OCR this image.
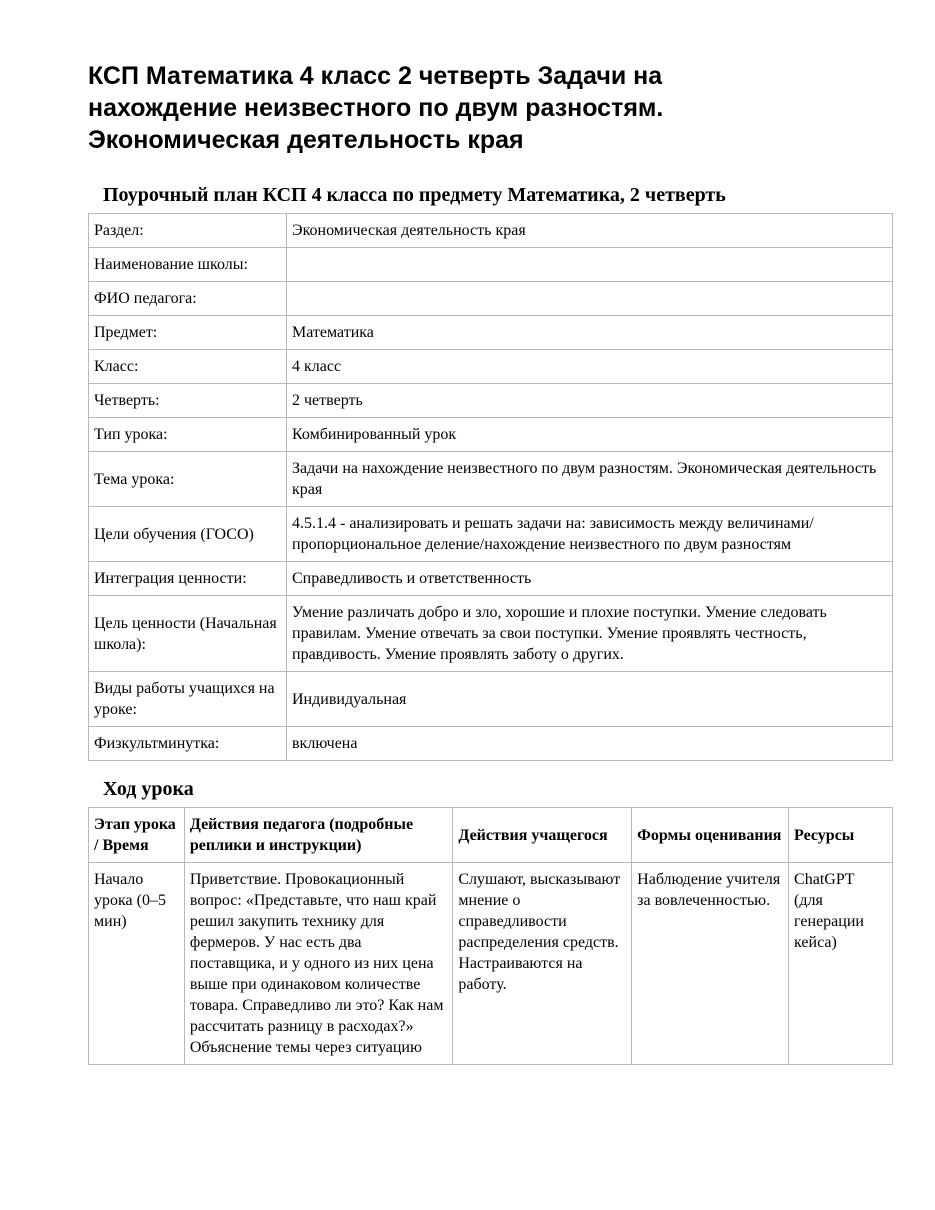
КСП Математика 4 класс 2 четверть Задачи на нахождение неизвестного по двум разностям. Экономическая деятельность края
Поурочный план КСП 4 класса по предмету Математика, 2 четверть
Раздел:	Экономическая деятельность края
Наименование школы:	
ФИО педагога:	
Предмет:	Математика
Класс:	4 класс
Четверть:	2 четверть
Тип урока:	Комбинированный урок
Тема урока:	Задачи на нахождение неизвестного по двум разностям. Экономическая деятельность края
Цели обучения (ГОСО)	4.5.1.4 - анализировать и решать задачи на: зависимость между величинами/ пропорциональное деление/нахождение неизвестного по двум разностям
Интеграция ценности:	Справедливость и ответственность
Цель ценности (Начальная школа):	Умение различать добро и зло, хорошие и плохие поступки. Умение следовать правилам. Умение отвечать за свои поступки. Умение проявлять честность, правдивость. Умение проявлять заботу о других.
Виды работы учащихся на уроке:	Индивидуальная
Физкультминутка:	включена
Ход урока
Этап урока / Время	Действия педагога (подробные реплики и инструкции)	Действия учащегося	Формы оценивания	Ресурсы
Начало урока (0–5 мин)	Приветствие. Провокационный вопрос: «Представьте, что наш край решил закупить технику для фермеров. У нас есть два поставщика, и у одного из них цена выше при одинаковом количестве товара. Справедливо ли это? Как нам рассчитать разницу в расходах?» Объяснение темы через ситуацию	Слушают, высказывают мнение о справедливости распределения средств. Настраиваются на работу.	Наблюдение учителя за вовлеченностью.	ChatGPT (для генерации кейса)
